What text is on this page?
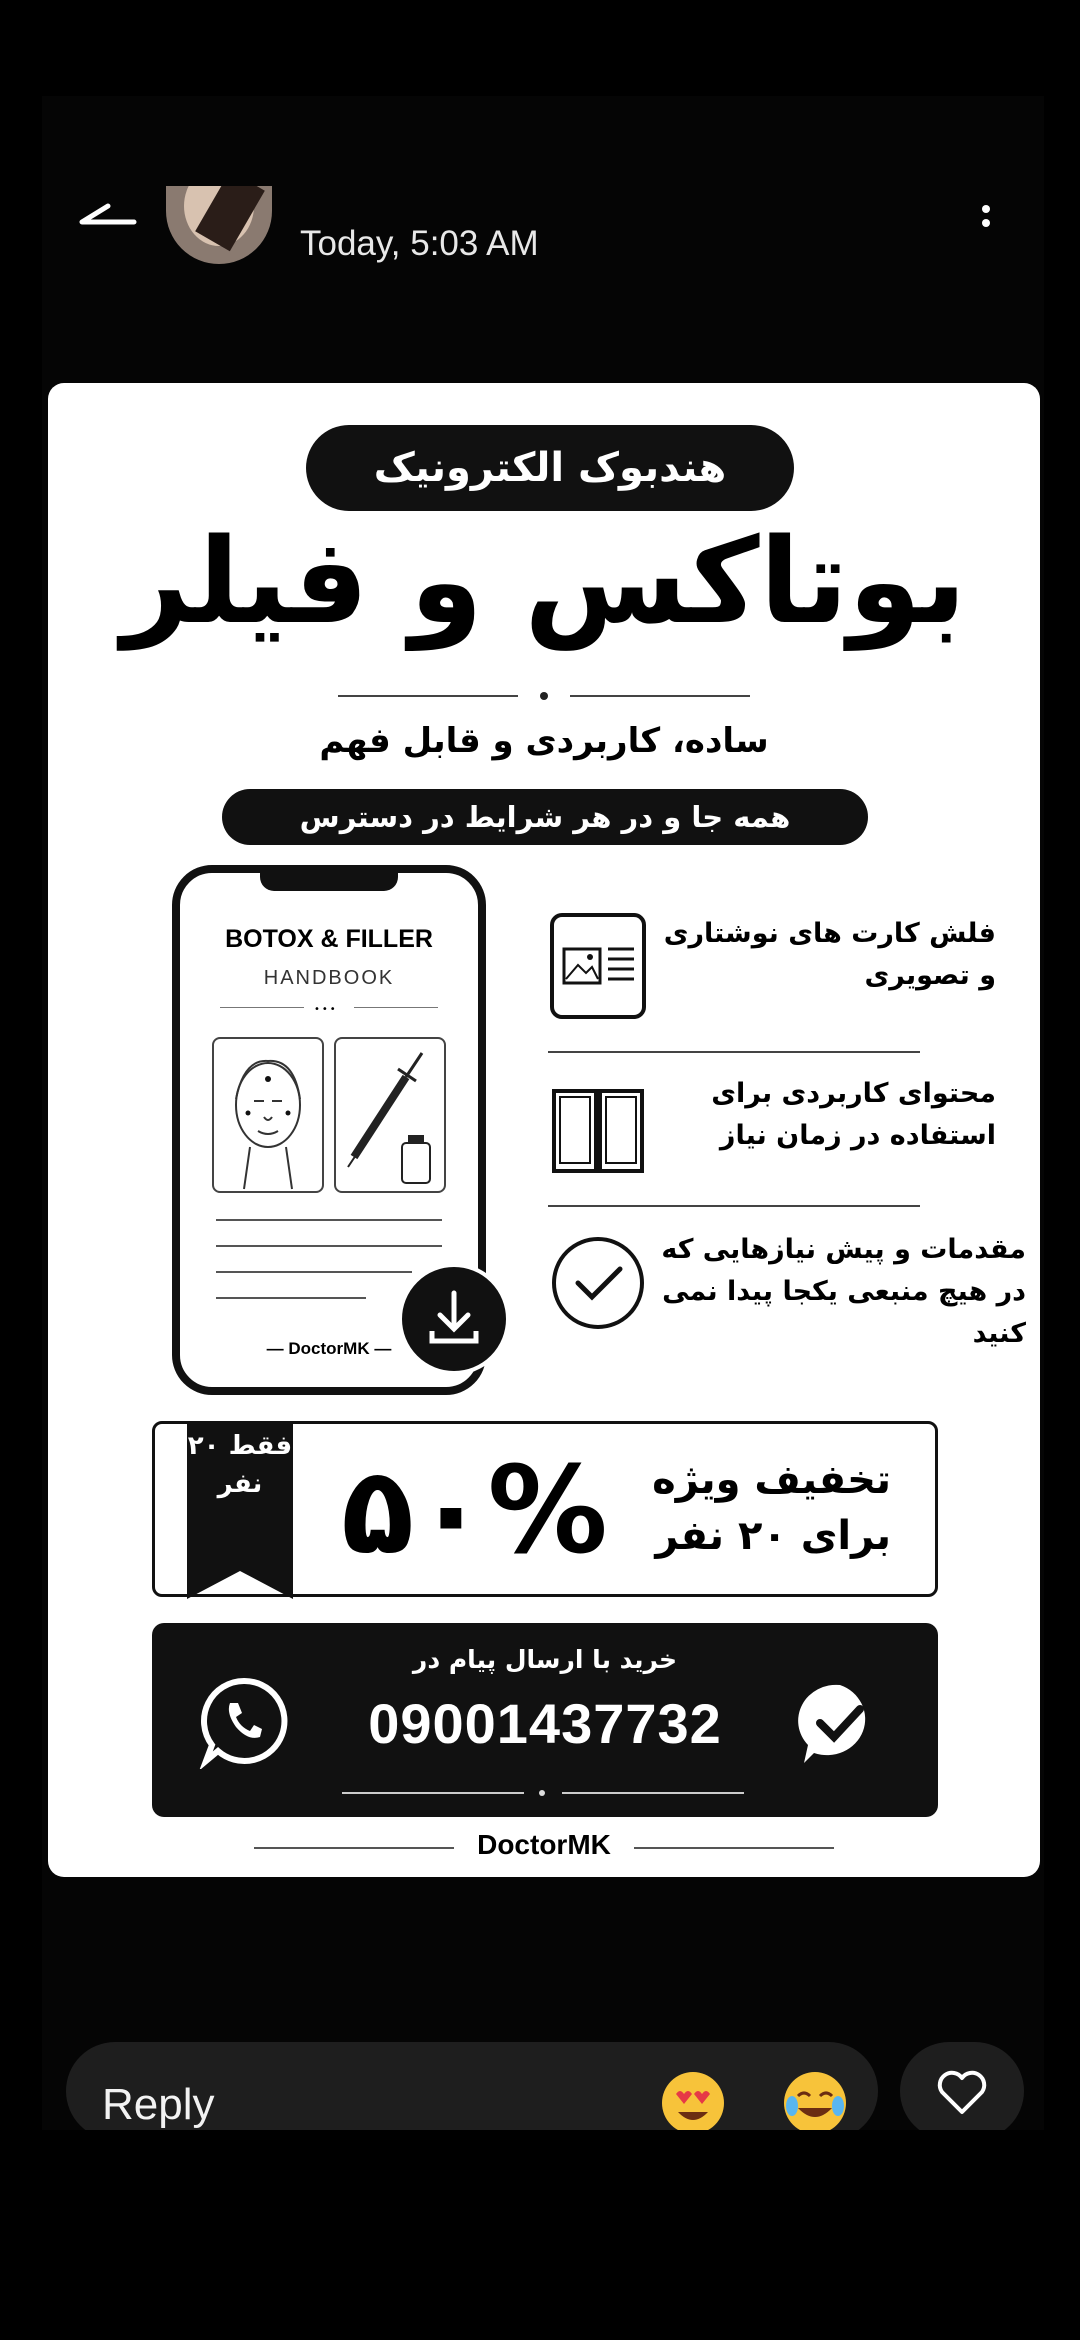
Today, 5:03 AM
هندبوک الکترونیک
بوتاکس و فیلر
ساده، کاربردی و قابل فهم
همه جا و در هر شرایط در دسترس
BOTOX & FILLER
HANDBOOK
•••
— DoctorMK —
فلش کارت های نوشتاری و تصویری
محتوای کاربردی برای استفاده در زمان نیاز
مقدمات و پیش نیازهایی که در هیچ منبعی یکجا پیدا نمی کنید
فقط ۲۰ نفر ۵۰%	تخفیف ویژه برای ۲۰ نفر
خرید با ارسال پیام در
09001437732
DoctorMK
Reply
